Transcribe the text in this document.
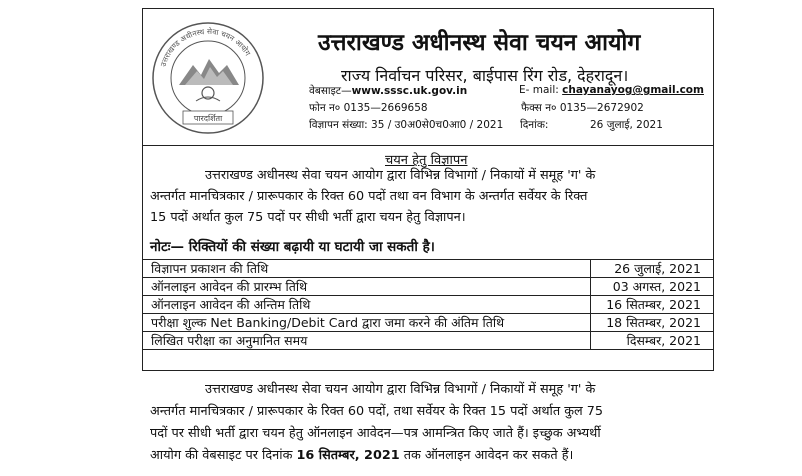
उत्तराखण्ड अधीनस्थ सेवा चयन आयोग
पारदर्शिता
उत्तराखण्ड अधीनस्थ सेवा चयन आयोग
राज्य निर्वाचन परिसर, बाईपास रिंग रोड, देहरादून।
वेबसाइट—www.sssc.uk.gov.in	E- mail: chayanayog@gmail.com
फोन न० 0135—2669658	फैक्स न० 0135—2672902
विज्ञापन संख्या: 35 / उ0अ0से0च0आ0 / 2021 दिनांक:	26 जुलाई, 2021
चयन हेतु विज्ञापन
उत्तराखण्ड अधीनस्थ सेवा चयन आयोग द्वारा विभिन्न विभागों / निकायों में समूह 'ग' के
अन्तर्गत मानचित्रकार / प्रारूपकार के रिक्त 60 पदों तथा वन विभाग के अन्तर्गत सर्वेयर के रिक्त
15 पदों अर्थात कुल 75 पदों पर सीधी भर्ती द्वारा चयन हेतु विज्ञापन।
नोटः— रिक्तियों की संख्या बढ़ायी या घटायी जा सकती है।
विज्ञापन प्रकाशन की तिथि	26 जुलाई, 2021
ऑनलाइन आवेदन की प्रारम्भ तिथि	03 अगस्त, 2021
ऑनलाइन आवेदन की अन्तिम तिथि	16 सितम्बर, 2021
परीक्षा शुल्क Net Banking/Debit Card द्वारा जमा करने की अंतिम तिथि	18 सितम्बर, 2021
लिखित परीक्षा का अनुमानित समय	दिसम्बर, 2021
उत्तराखण्ड अधीनस्थ सेवा चयन आयोग द्वारा विभिन्न विभागों / निकायों में समूह 'ग' के
अन्तर्गत मानचित्रकार / प्रारूपकार के रिक्त 60 पदों, तथा सर्वेयर के रिक्त 15 पदों अर्थात कुल 75
पदों पर सीधी भर्ती द्वारा चयन हेतु ऑनलाइन आवेदन—पत्र आमन्त्रित किए जाते हैं। इच्छुक अभ्यर्थी
आयोग की वेबसाइट पर दिनांक 16 सितम्बर, 2021 तक ऑनलाइन आवेदन कर सकते हैं।
